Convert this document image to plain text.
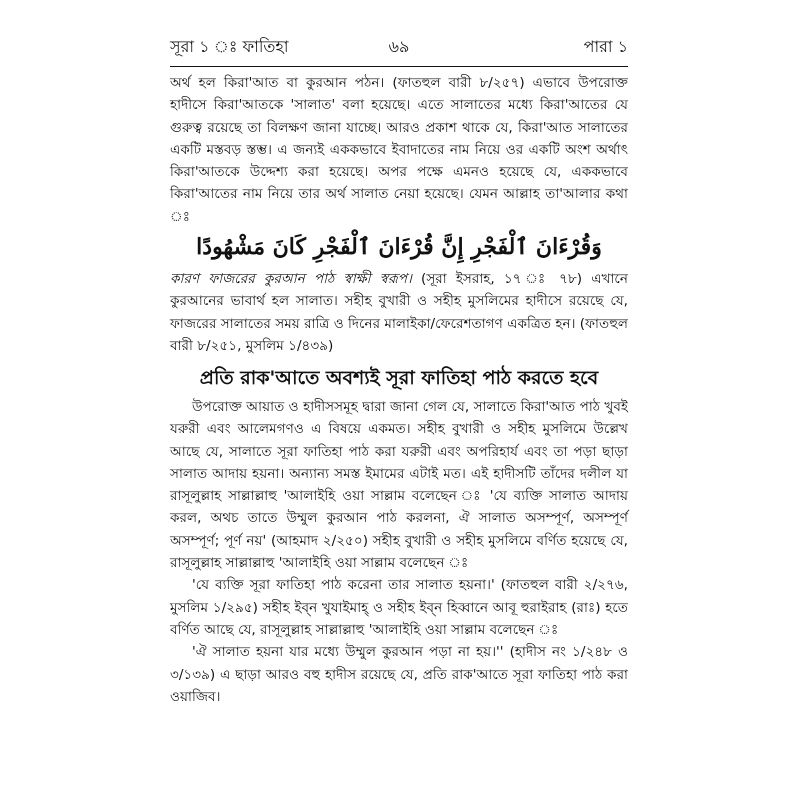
সূরা ১ ঃ ফাতিহা	৬৯	পারা ১

অর্থ হল কিরা'আত বা কুরআন পঠন। (ফাতহুল বারী ৮/২৫৭) এভাবে উপরোক্ত হাদীসে কিরা'আতকে 'সালাত' বলা হয়েছে। এতে সালাতের মধ্যে কিরা'আতের যে গুরুত্ব রয়েছে তা বিলক্ষণ জানা যাচ্ছে। আরও প্রকাশ থাকে যে, কিরা'আত সালাতের একটি মস্তবড় স্তম্ভ। এ জন্যই এককভাবে ইবাদাতের নাম নিয়ে ওর একটি অংশ অর্থাৎ কিরা'আতকে উদ্দেশ্য করা হয়েছে। অপর পক্ষে এমনও হয়েছে যে, এককভাবে কিরা'আতের নাম নিয়ে তার অর্থ সালাত নেয়া হয়েছে। যেমন আল্লাহ তা'আলার কথা ঃ

وَقُرْءَانَ ٱلْفَجْرِ إِنَّ قُرْءَانَ ٱلْفَجْرِ كَانَ مَشْهُودًا

কারণ ফাজরের কুরআন পাঠ স্বাক্ষী স্বরূপ। (সূরা ইসরাহ, ১৭ ঃ ৭৮) এখানে কুরআনের ভাবার্থ হল সালাত। সহীহ বুখারী ও সহীহ মুসলিমের হাদীসে রয়েছে যে, ফাজরের সালাতের সময় রাত্রি ও দিনের মালাইকা/ফেরেশতাগণ একত্রিত হন। (ফাতহুল বারী ৮/২৫১, মুসলিম ১/৪৩৯)

প্রতি রাক'আতে অবশ্যই সূরা ফাতিহা পাঠ করতে হবে

উপরোক্ত আয়াত ও হাদীসসমূহ দ্বারা জানা গেল যে, সালাতে কিরা'আত পাঠ খুবই যরুরী এবং আলেমগণও এ বিষয়ে একমত। সহীহ বুখারী ও সহীহ মুসলিমে উল্লেখ আছে যে, সালাতে সূরা ফাতিহা পাঠ করা যরুরী এবং অপরিহার্য এবং তা পড়া ছাড়া সালাত আদায় হয়না। অন্যান্য সমস্ত ইমামের এটাই মত। এই হাদীসটি তাঁদের দলীল যা রাসূলুল্লাহ সাল্লাল্লাহু 'আলাইহি ওয়া সাল্লাম বলেছেন ঃ 'যে ব্যক্তি সালাত আদায় করল, অথচ তাতে উম্মুল কুরআন পাঠ করলনা, ঐ সালাত অসম্পূর্ণ, অসম্পূর্ণ অসম্পূর্ণ; পূর্ণ নয়' (আহমাদ ২/২৫০) সহীহ বুখারী ও সহীহ মুসলিমে বর্ণিত হয়েছে যে, রাসূলুল্লাহ সাল্লাল্লাহু 'আলাইহি ওয়া সাল্লাম বলেছেন ঃ

'যে ব্যক্তি সূরা ফাতিহা পাঠ করেনা তার সালাত হয়না।' (ফাতহুল বারী ২/২৭৬, মুসলিম ১/২৯৫) সহীহ ইব্ন খুযাইমাহ্ ও সহীহ ইব্ন হিব্বানে আবূ হুরাইরাহ (রাঃ) হতে বর্ণিত আছে যে, রাসূলুল্লাহ সাল্লাল্লাহু 'আলাইহি ওয়া সাল্লাম বলেছেন ঃ

'ঐ সালাত হয়না যার মধ্যে উম্মুল কুরআন পড়া না হয়।'' (হাদীস নং ১/২৪৮ ও ৩/১৩৯) এ ছাড়া আরও বহু হাদীস রয়েছে যে, প্রতি রাক'আতে সূরা ফাতিহা পাঠ করা ওয়াজিব।
